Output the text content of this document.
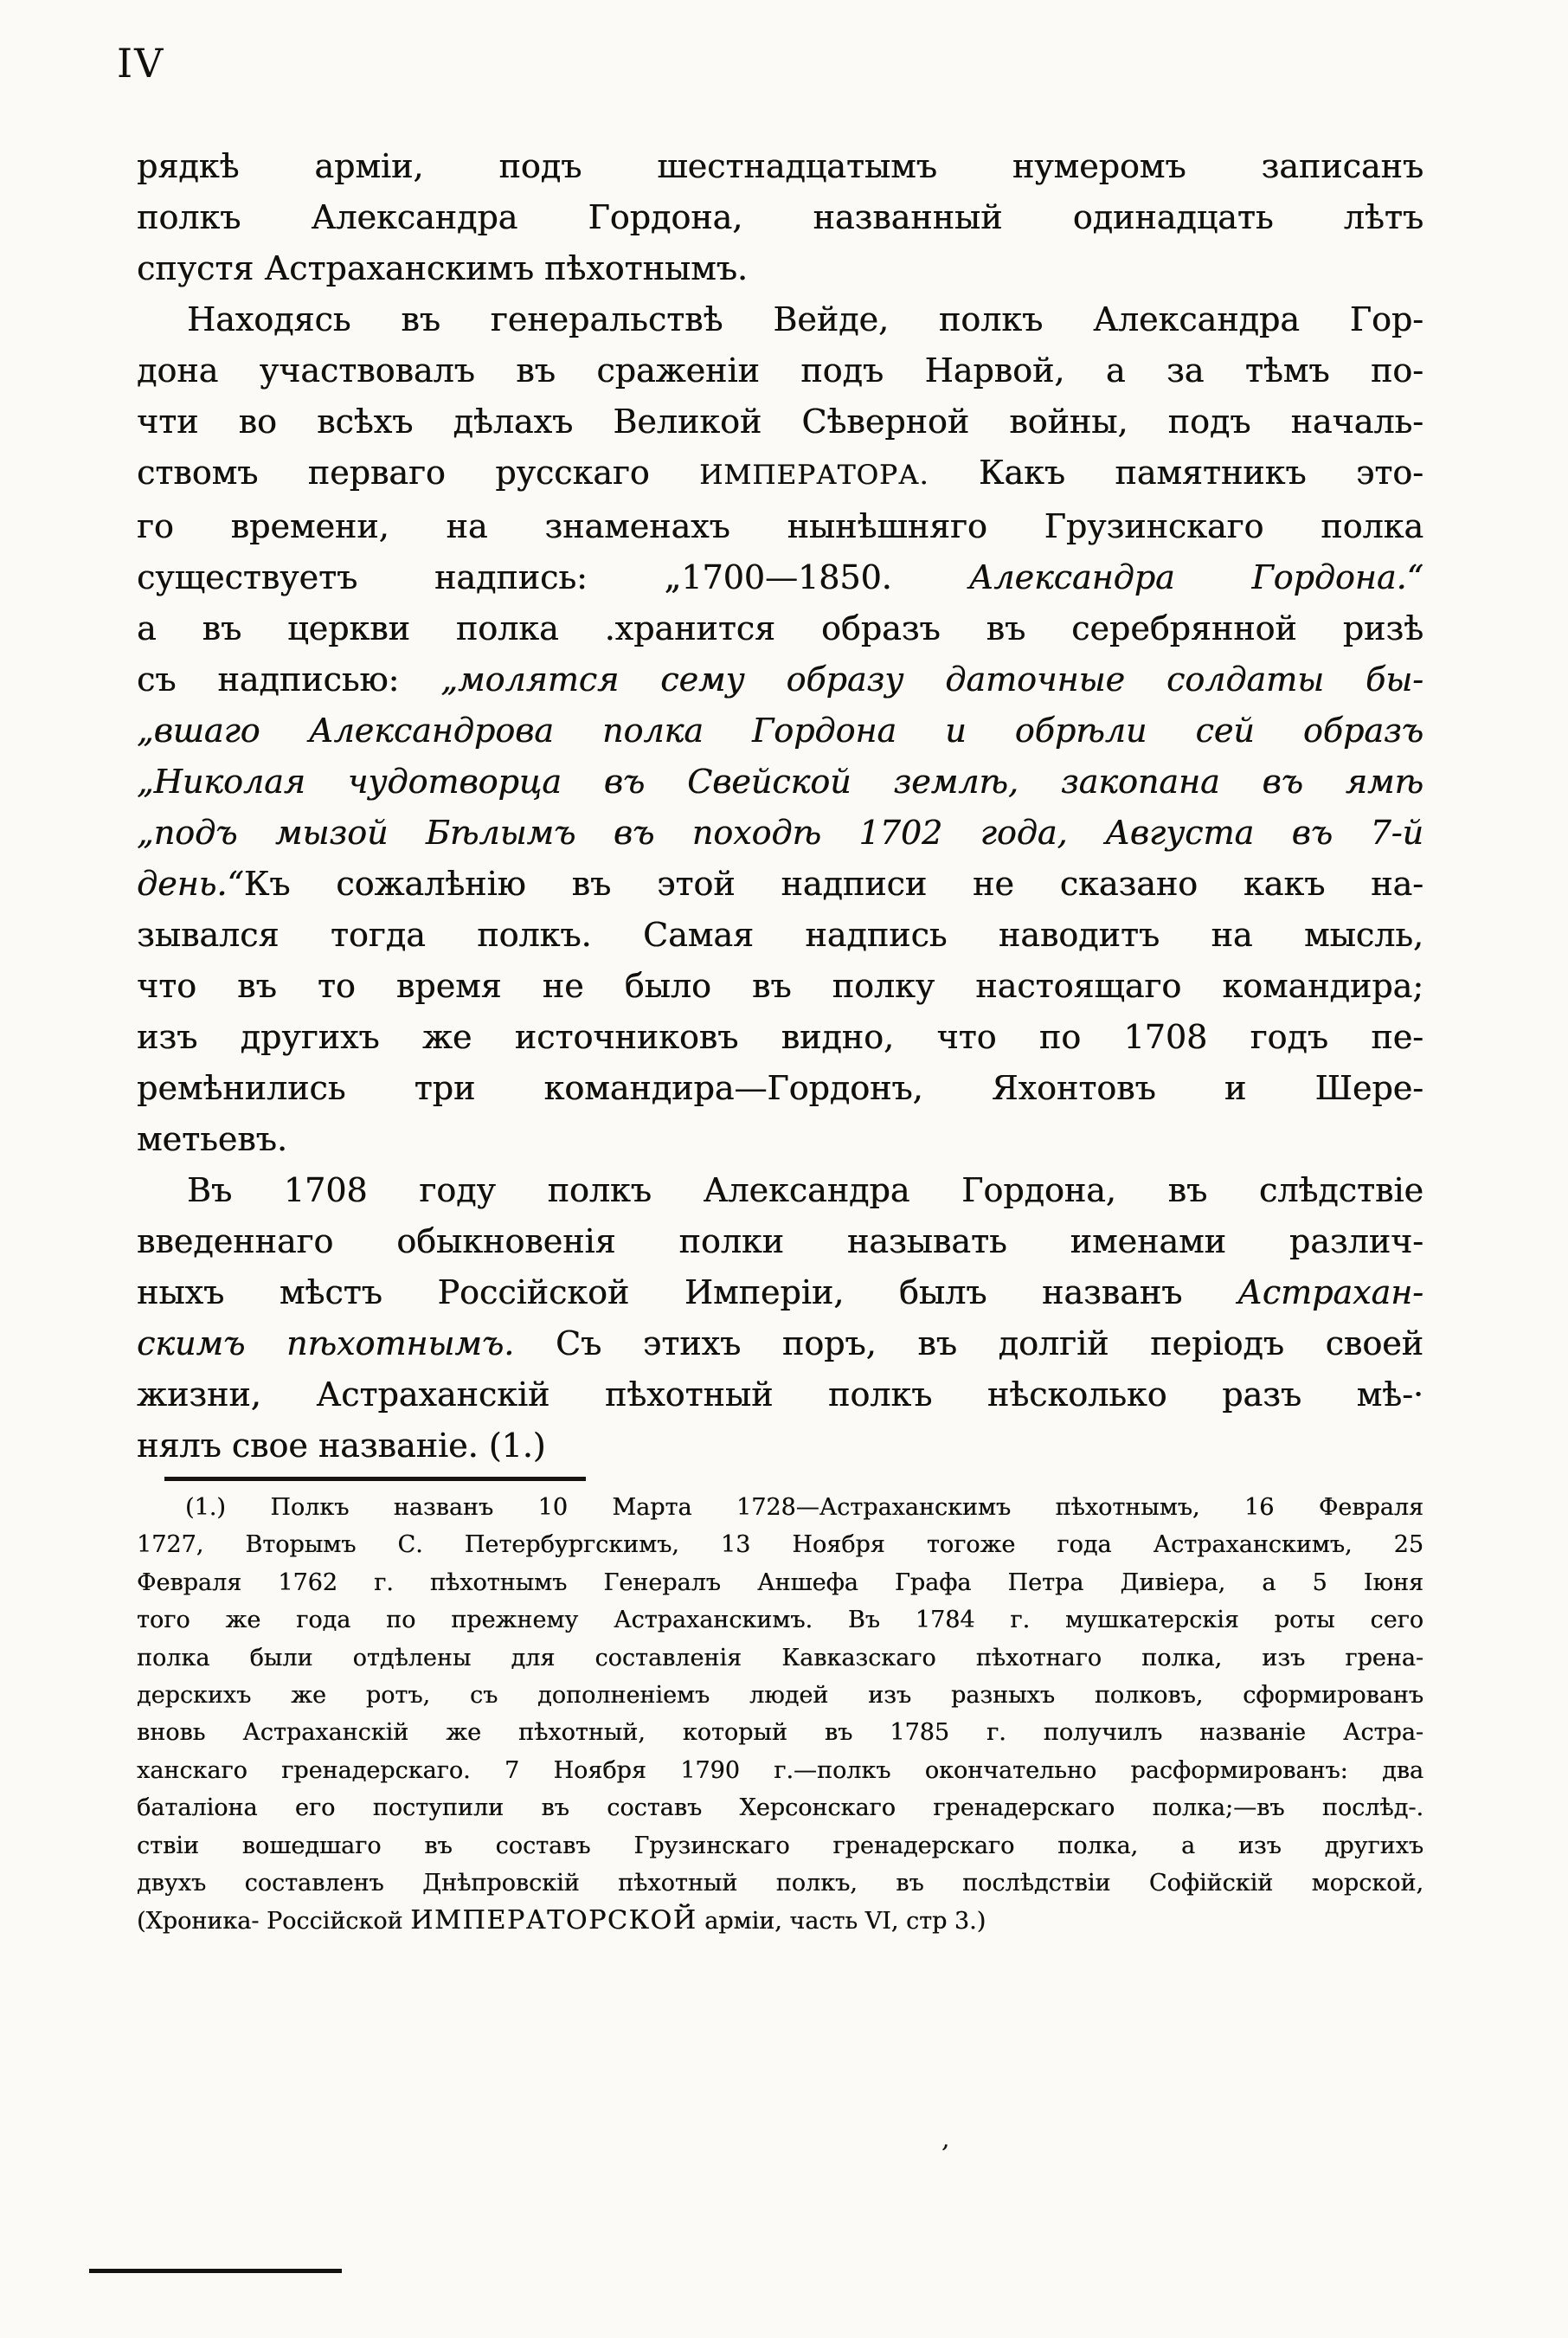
IV
рядкѣ арміи, подъ шестнадцатымъ нумеромъ записанъ
полкъ Александра Гордона, названный одинадцать лѣтъ
спустя Астраханскимъ пѣхотнымъ.
Находясь въ генеральствѣ Вейде, полкъ Александра Гор-
дона участвовалъ въ сраженіи подъ Нарвой, а за тѣмъ по-
чти во всѣхъ дѣлахъ Великой Сѣверной войны, подъ началь-
ствомъ перваго русскаго ИМПЕРАТОРА. Какъ памятникъ это-
го времени, на знаменахъ нынѣшняго Грузинскаго полка
существуетъ надпись: „1700—1850. Александра Гордона.“
а въ церкви полка .хранится образъ въ серебрянной ризѣ
съ надписью: „молятся сему образу даточные солдаты бы-
„вшаго Александрова полка Гордона и обрѣли сей образъ
„Николая чудотворца въ Свейской землѣ, закопана въ ямѣ
„подъ мызой Бѣлымъ въ походѣ 1702 года, Августа въ 7-й
день.“Къ сожалѣнію въ этой надписи не сказано какъ на-
зывался тогда полкъ. Самая надпись наводитъ на мысль,
что въ то время не было въ полку настоящаго командира;
изъ другихъ же источниковъ видно, что по 1708 годъ пе-
ремѣнились три командира—Гордонъ, Яхонтовъ и Шере-
метьевъ.
Въ 1708 году полкъ Александра Гордона, въ слѣдствіе
введеннаго обыкновенія полки называть именами различ-
ныхъ мѣстъ Россійской Имперіи, былъ названъ Астрахан-
скимъ пѣхотнымъ. Съ этихъ поръ, въ долгій періодъ своей
жизни, Астраханскій пѣхотный полкъ нѣсколько разъ мѣ-·
нялъ свое названіе. (1.)
(1.) Полкъ названъ 10 Марта 1728—Астраханскимъ пѣхотнымъ, 16 Февраля
1727, Вторымъ С. Петербургскимъ, 13 Ноября тогоже года Астраханскимъ, 25
Февраля 1762 г. пѣхотнымъ Генералъ Аншефа Графа Петра Дивіера, а 5 Іюня
того же года по прежнему Астраханскимъ. Въ 1784 г. мушкатерскія роты сего
полка были отдѣлены для составленія Кавказскаго пѣхотнаго полка, изъ грена-
дерскихъ же ротъ, съ дополненіемъ людей изъ разныхъ полковъ, сформированъ
вновь Астраханскій же пѣхотный, который въ 1785 г. получилъ названіе Астра-
ханскаго гренадерскаго. 7 Ноября 1790 г.—полкъ окончательно расформированъ: два
баталіона его поступили въ составъ Херсонскаго гренадерскаго полка;—въ послѣд-.
ствіи вошедшаго въ составъ Грузинскаго гренадерскаго полка, а изъ другихъ
двухъ составленъ Днѣпровскій пѣхотный полкъ, въ послѣдствіи Софійскій морской,
(Хроника- Россійской ИМПЕРАТОРСКОЙ арміи, часть VI, стр 3.)
’
